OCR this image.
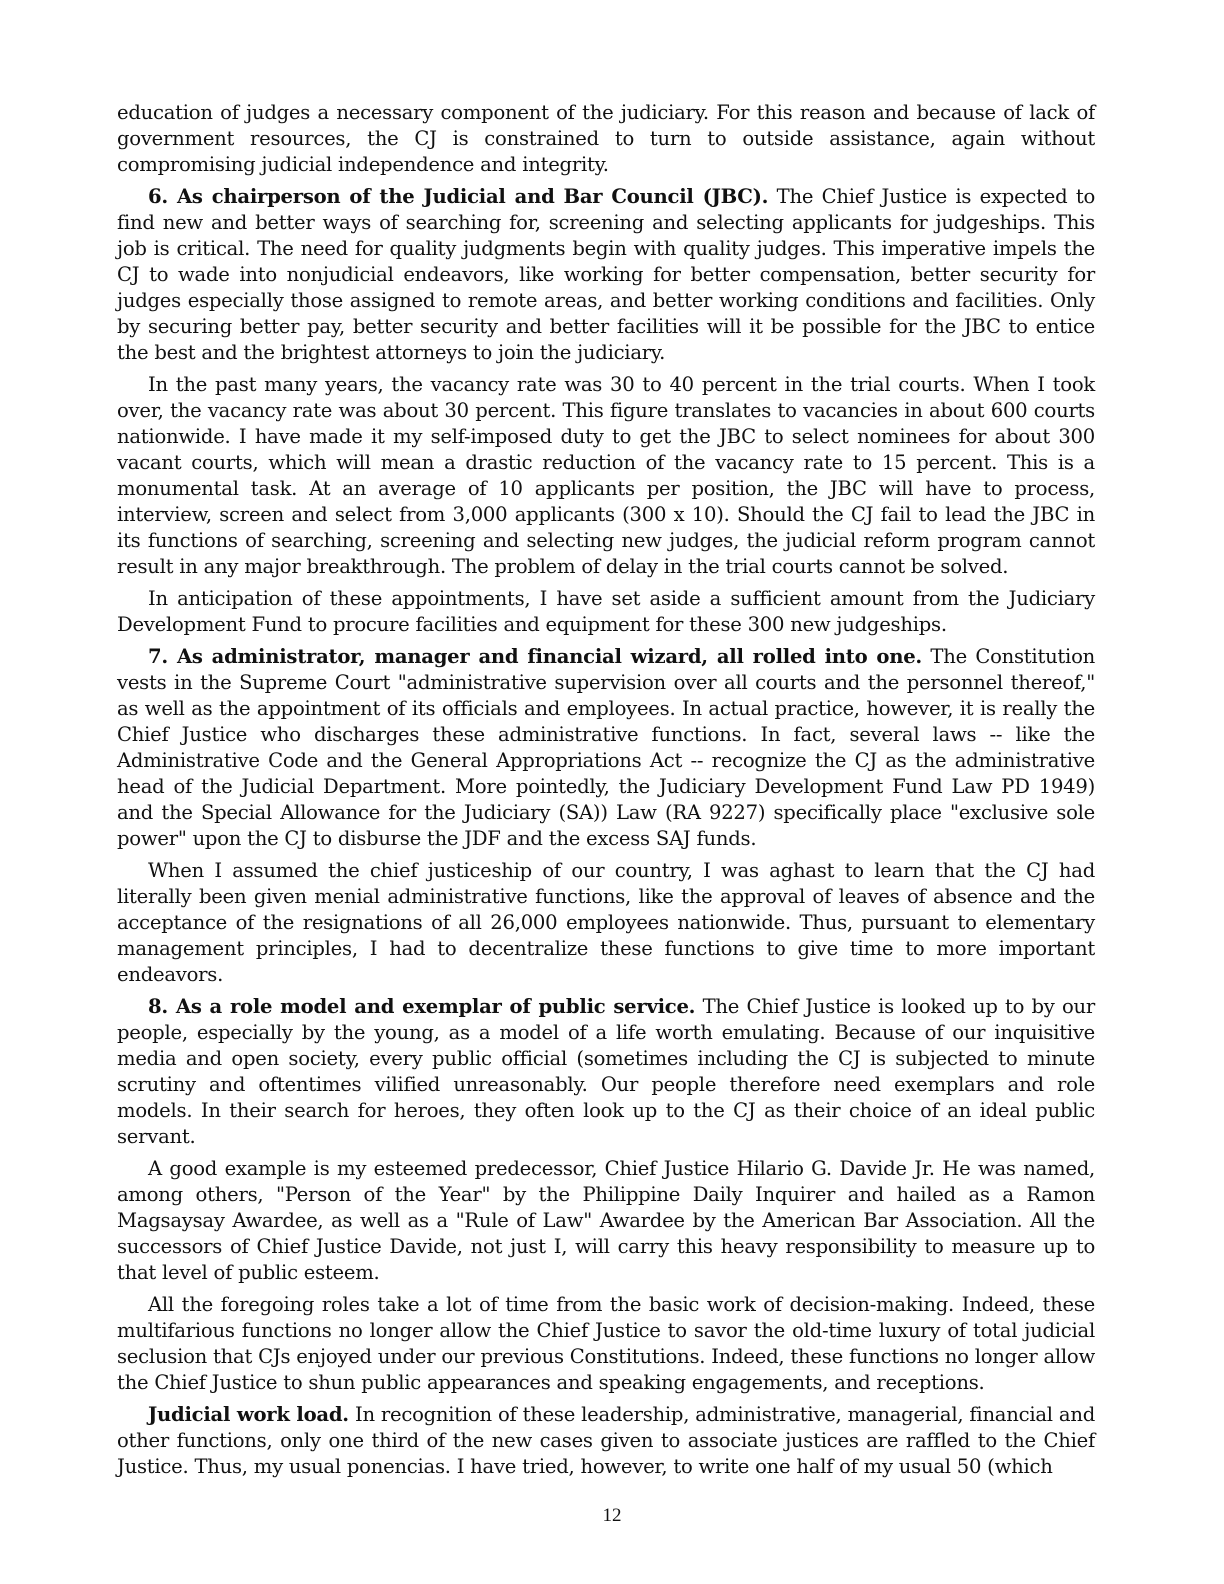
education of judges a necessary component of the judiciary. For this reason and because of lack of government resources, the CJ is constrained to turn to outside assistance, again without compromising judicial independence and integrity.

6. As chairperson of the Judicial and Bar Council (JBC). The Chief Justice is expected to find new and better ways of searching for, screening and selecting applicants for judgeships. This job is critical. The need for quality judgments begin with quality judges. This imperative impels the CJ to wade into nonjudicial endeavors, like working for better compensation, better security for judges especially those assigned to remote areas, and better working conditions and facilities. Only by securing better pay, better security and better facilities will it be possible for the JBC to entice the best and the brightest attorneys to join the judiciary.

In the past many years, the vacancy rate was 30 to 40 percent in the trial courts. When I took over, the vacancy rate was about 30 percent. This figure translates to vacancies in about 600 courts nationwide. I have made it my self-imposed duty to get the JBC to select nominees for about 300 vacant courts, which will mean a drastic reduction of the vacancy rate to 15 percent. This is a monumental task. At an average of 10 applicants per position, the JBC will have to process, interview, screen and select from 3,000 applicants (300 x 10). Should the CJ fail to lead the JBC in its functions of searching, screening and selecting new judges, the judicial reform program cannot result in any major breakthrough. The problem of delay in the trial courts cannot be solved.

In anticipation of these appointments, I have set aside a sufficient amount from the Judiciary Development Fund to procure facilities and equipment for these 300 new judgeships.

7. As administrator, manager and financial wizard, all rolled into one. The Constitution vests in the Supreme Court "administrative supervision over all courts and the personnel thereof," as well as the appointment of its officials and employees. In actual practice, however, it is really the Chief Justice who discharges these administrative functions. In fact, several laws -- like the Administrative Code and the General Appropriations Act -- recognize the CJ as the administrative head of the Judicial Department. More pointedly, the Judiciary Development Fund Law PD 1949) and the Special Allowance for the Judiciary (SA)) Law (RA 9227) specifically place "exclusive sole power" upon the CJ to disburse the JDF and the excess SAJ funds.

When I assumed the chief justiceship of our country, I was aghast to learn that the CJ had literally been given menial administrative functions, like the approval of leaves of absence and the acceptance of the resignations of all 26,000 employees nationwide. Thus, pursuant to elementary management principles, I had to decentralize these functions to give time to more important endeavors.

8. As a role model and exemplar of public service. The Chief Justice is looked up to by our people, especially by the young, as a model of a life worth emulating. Because of our inquisitive media and open society, every public official (sometimes including the CJ is subjected to minute scrutiny and oftentimes vilified unreasonably. Our people therefore need exemplars and role models. In their search for heroes, they often look up to the CJ as their choice of an ideal public servant.

A good example is my esteemed predecessor, Chief Justice Hilario G. Davide Jr. He was named, among others, "Person of the Year" by the Philippine Daily Inquirer and hailed as a Ramon Magsaysay Awardee, as well as a "Rule of Law" Awardee by the American Bar Association. All the successors of Chief Justice Davide, not just I, will carry this heavy responsibility to measure up to that level of public esteem.

All the foregoing roles take a lot of time from the basic work of decision-making. Indeed, these multifarious functions no longer allow the Chief Justice to savor the old-time luxury of total judicial seclusion that CJs enjoyed under our previous Constitutions. Indeed, these functions no longer allow the Chief Justice to shun public appearances and speaking engagements, and receptions.

Judicial work load. In recognition of these leadership, administrative, managerial, financial and other functions, only one third of the new cases given to associate justices are raffled to the Chief Justice. Thus, my usual ponencias. I have tried, however, to write one half of my usual 50 (which

12
